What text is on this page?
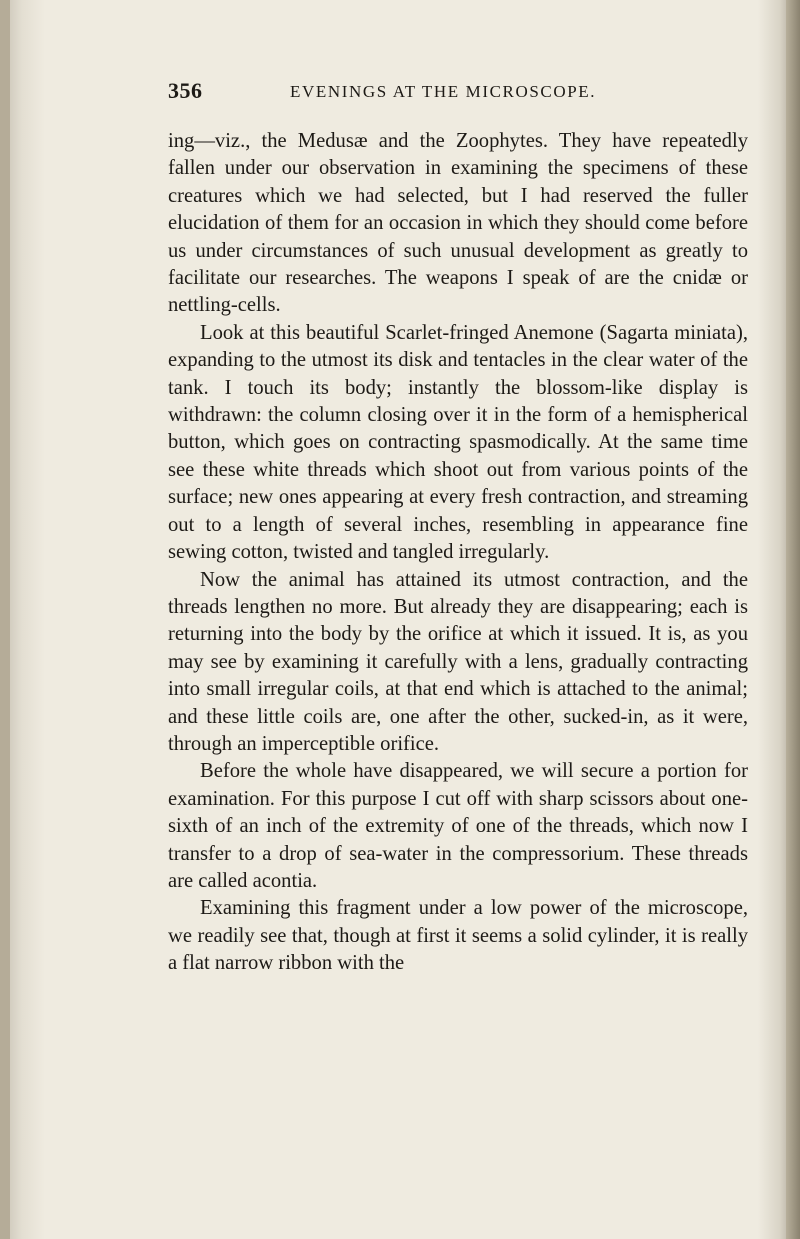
356	EVENINGS AT THE MICROSCOPE.

ing—viz., the Medusæ and the Zoophytes. They have repeatedly fallen under our observation in examining the specimens of these creatures which we had selected, but I had reserved the fuller elucidation of them for an occasion in which they should come before us under circumstances of such unusual development as greatly to facilitate our researches. The weapons I speak of are the cnidæ or nettling-cells.

Look at this beautiful Scarlet-fringed Anemone (Sagarta miniata), expanding to the utmost its disk and tentacles in the clear water of the tank. I touch its body; instantly the blossom-like display is withdrawn: the column closing over it in the form of a hemispherical button, which goes on contracting spasmodically. At the same time see these white threads which shoot out from various points of the surface; new ones appearing at every fresh contraction, and streaming out to a length of several inches, resembling in appearance fine sewing cotton, twisted and tangled irregularly.

Now the animal has attained its utmost contraction, and the threads lengthen no more. But already they are disappearing; each is returning into the body by the orifice at which it issued. It is, as you may see by examining it carefully with a lens, gradually contracting into small irregular coils, at that end which is attached to the animal; and these little coils are, one after the other, sucked-in, as it were, through an imperceptible orifice.

Before the whole have disappeared, we will secure a portion for examination. For this purpose I cut off with sharp scissors about one-sixth of an inch of the extremity of one of the threads, which now I transfer to a drop of sea-water in the compressorium. These threads are called acontia.

Examining this fragment under a low power of the microscope, we readily see that, though at first it seems a solid cylinder, it is really a flat narrow ribbon with the
